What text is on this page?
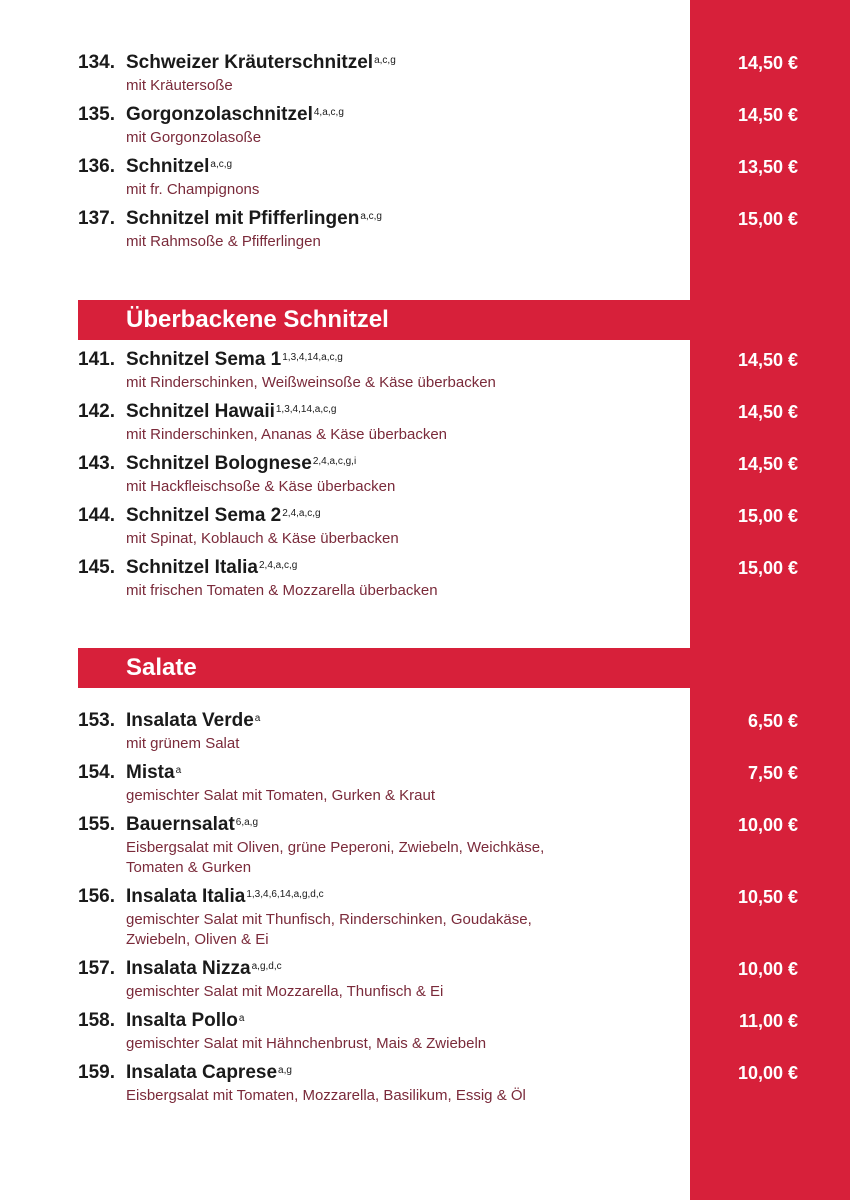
Überbackene Schnitzel
Salate
134. Schweizer Kräuterschnitzel$^{a,c,g}$	14,50 €
mit Kräutersoße
135. Gorgonzolaschnitzel$^{4,a,c,g}$	14,50 €
mit Gorgonzolasoße
136. Schnitzel$^{a,c,g}$	13,50 €
mit fr. Champignons
137. Schnitzel mit Pfifferlingen$^{a,c,g}$	15,00 €
mit Rahmsoße & Pfifferlingen
141. Schnitzel Sema 1$^{1,3,4,14,a,c,g}$	14,50 €
mit Rinderschinken, Weißweinsoße & Käse überbacken
142. Schnitzel Hawaii$^{1,3,4,14,a,c,g}$	14,50 €
mit Rinderschinken, Ananas & Käse überbacken
143. Schnitzel Bolognese$^{2,4,a,c,g,i}$	14,50 €
mit Hackfleischsoße & Käse überbacken
144. Schnitzel Sema 2$^{2,4,a,c,g}$	15,00 €
mit Spinat, Koblauch & Käse überbacken
145. Schnitzel Italia$^{2,4,a,c,g}$	15,00 €
mit frischen Tomaten & Mozzarella überbacken
153. Insalata Verde$^a$	6,50 €
mit grünem Salat
154. Mista$^a$	7,50 €
gemischter Salat mit Tomaten, Gurken & Kraut
155. Bauernsalat$^{6,a,g}$	10,00 €
Eisbergsalat mit Oliven, grüne Peperoni, Zwiebeln, Weichkäse, Tomaten & Gurken
156. Insalata Italia$^{1,3,4,6,14,a,g,d,c}$	10,50 €
gemischter Salat mit Thunfisch, Rinderschinken, Goudakäse, Zwiebeln, Oliven & Ei
157. Insalata Nizza$^{a,g,d,c}$	10,00 €
gemischter Salat mit Mozzarella, Thunfisch & Ei
158. Insalta Pollo$^a$	11,00 €
gemischter Salat mit Hähnchenbrust, Mais & Zwiebeln
159. Insalata Caprese$^{a,g}$	10,00 €
Eisbergsalat mit Tomaten, Mozzarella, Basilikum, Essig & Öl
